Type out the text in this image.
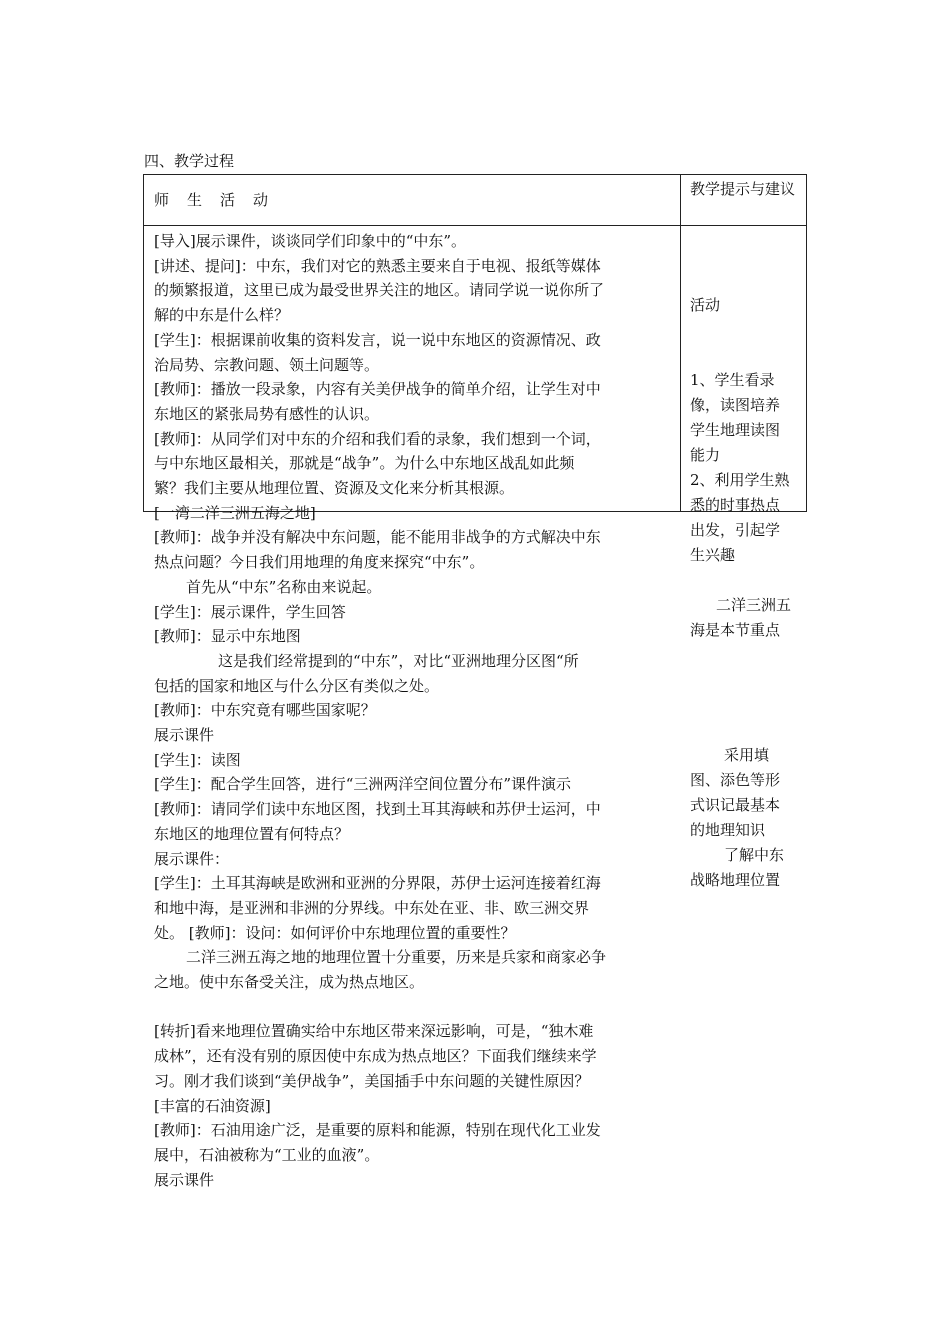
四、教学过程
师 生 活 动
教学提示与建议

[导入]展示课件，谈谈同学们印象中的“中东”。

[讲述、提问]：中东，我们对它的熟悉主要来自于电视、报纸等媒体

的频繁报道，这里已成为最受世界关注的地区。请同学说一说你所了

解的中东是什么样？

[学生]：根据课前收集的资料发言，说一说中东地区的资源情况、政

治局势、宗教问题、领土问题等。

[教师]：播放一段录象，内容有关美伊战争的简单介绍，让学生对中

东地区的紧张局势有感性的认识。

[教师]：从同学们对中东的介绍和我们看的录象，我们想到一个词，

与中东地区最相关，那就是“战争”。为什么中东地区战乱如此频

繁？我们主要从地理位置、资源及文化来分析其根源。

[一湾二洋三洲五海之地]

[教师]：战争并没有解决中东问题，能不能用非战争的方式解决中东

热点问题？今日我们用地理的角度来探究“中东”。

首先从“中东”名称由来说起。

[学生]：展示课件，学生回答

[教师]：显示中东地图

这是我们经常提到的“中东”，对比“亚洲地理分区图“所

包括的国家和地区与什么分区有类似之处。

[教师]：中东究竟有哪些国家呢？

展示课件

[学生]：读图

[学生]：配合学生回答，进行“三洲两洋空间位置分布”课件演示

[教师]：请同学们读中东地区图，找到土耳其海峡和苏伊士运河，中

东地区的地理位置有何特点？

展示课件：

[学生]：土耳其海峡是欧洲和亚洲的分界限，苏伊士运河连接着红海

和地中海，是亚洲和非洲的分界线。中东处在亚、非、欧三洲交界

处。 [教师]：设问：如何评价中东地理位置的重要性？

二洋三洲五海之地的地理位置十分重要，历来是兵家和商家必争

之地。使中东备受关注，成为热点地区。

[转折]看来地理位置确实给中东地区带来深远影响，可是，“独木难

成林”，还有没有别的原因使中东成为热点地区？下面我们继续来学

习。刚才我们谈到“美伊战争”，美国插手中东问题的关键性原因？

[丰富的石油资源]

[教师]：石油用途广泛，是重要的原料和能源，特别在现代化工业发

展中，石油被称为“工业的血液”。

展示课件

活动

1、学生看录

像，读图培养

学生地理读图

能力

2、利用学生熟

悉的时事热点

出发，引起学

生兴趣

二洋三洲五

海是本节重点

采用填

图、添色等形

式识记最基本

的地理知识

了解中东

战略地理位置
